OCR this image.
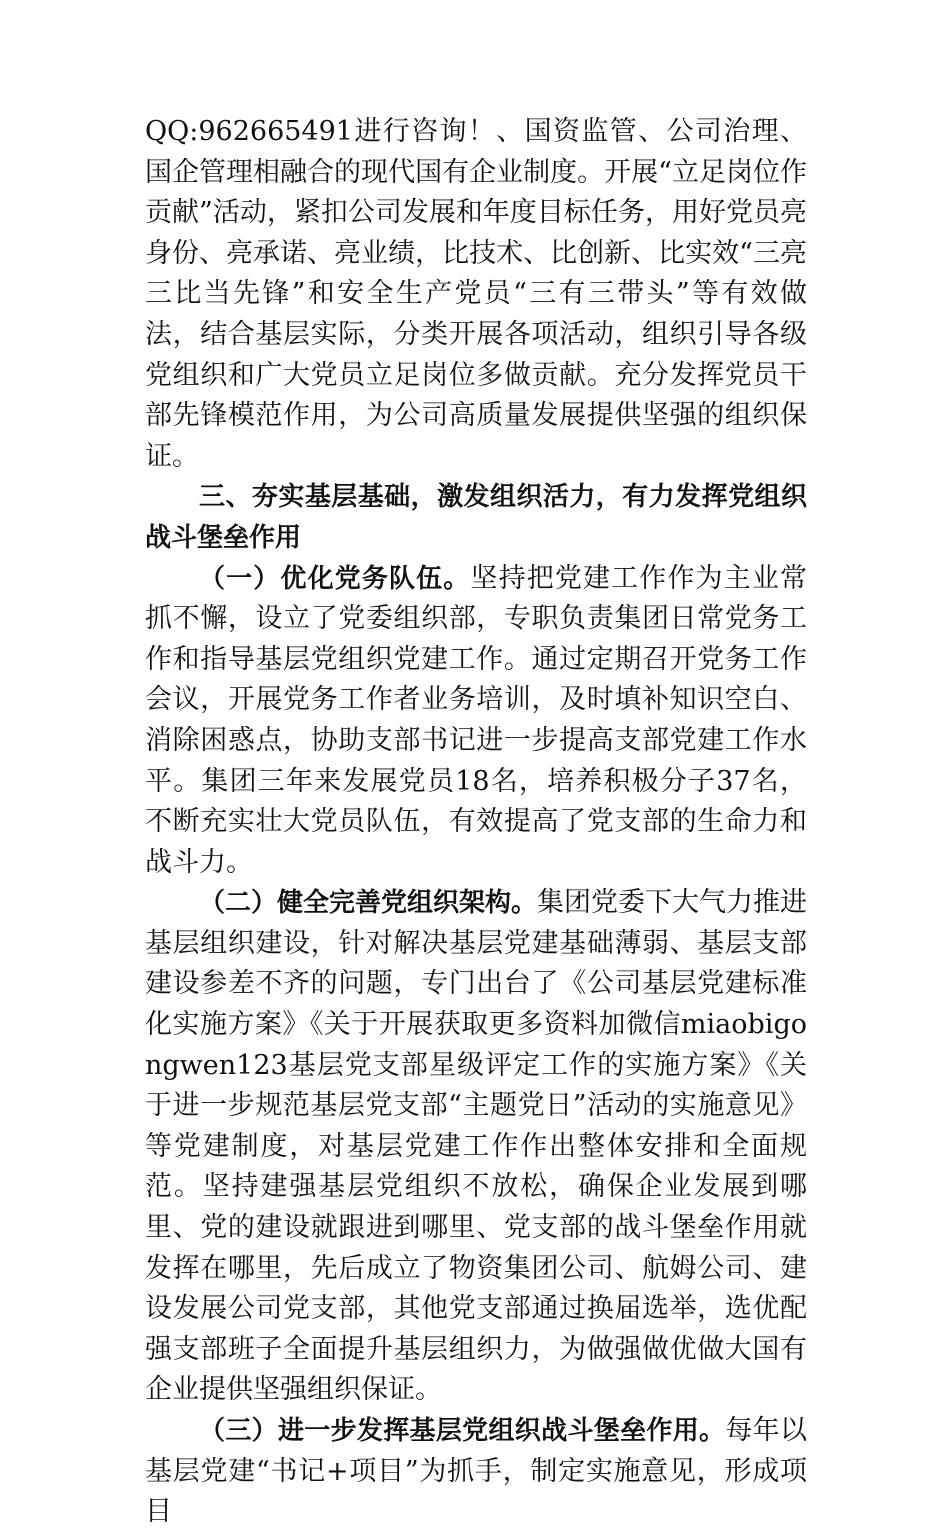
QQ:962665491进行咨询！、国资监管、公司治理、国企管理相融合的现代国有企业制度。开展“立足岗位作贡献”活动，紧扣公司发展和年度目标任务，用好党员亮身份、亮承诺、亮业绩，比技术、比创新、比实效“三亮三比当先锋”和安全生产党员“三有三带头”等有效做法，结合基层实际，分类开展各项活动，组织引导各级党组织和广大党员立足岗位多做贡献。充分发挥党员干部先锋模范作用，为公司高质量发展提供坚强的组织保证。

三、夯实基层基础，激发组织活力，有力发挥党组织战斗堡垒作用

（一）优化党务队伍。坚持把党建工作作为主业常抓不懈，设立了党委组织部，专职负责集团日常党务工作和指导基层党组织党建工作。通过定期召开党务工作会议，开展党务工作者业务培训，及时填补知识空白、消除困惑点，协助支部书记进一步提高支部党建工作水平。集团三年来发展党员18名，培养积极分子37名，不断充实壮大党员队伍，有效提高了党支部的生命力和战斗力。

（二）健全完善党组织架构。集团党委下大气力推进基层组织建设，针对解决基层党建基础薄弱、基层支部建设参差不齐的问题，专门出台了《公司基层党建标准化实施方案》《关于开展获取更多资料加微信miaobigongwen123基层党支部星级评定工作的实施方案》《关于进一步规范基层党支部“主题党日”活动的实施意见》等党建制度，对基层党建工作作出整体安排和全面规范。坚持建强基层党组织不放松，确保企业发展到哪里、党的建设就跟进到哪里、党支部的战斗堡垒作用就发挥在哪里，先后成立了物资集团公司、航姆公司、建设发展公司党支部，其他党支部通过换届选举，选优配强支部班子全面提升基层组织力，为做强做优做大国有企业提供坚强组织保证。

（三）进一步发挥基层党组织战斗堡垒作用。每年以基层党建“书记+项目”为抓手，制定实施意见，形成项目
